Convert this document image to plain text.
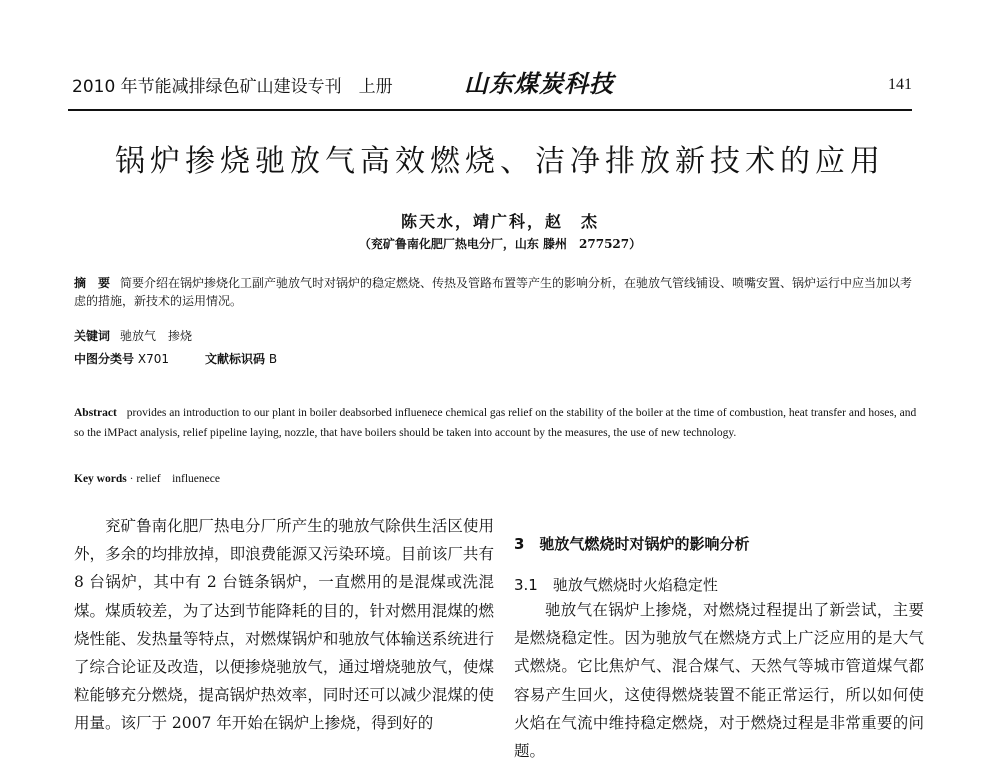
2010 年节能减排绿色矿山建设专刊　上册	山东煤炭科技	141
锅炉掺烧驰放气高效燃烧、洁净排放新技术的应用
陈天水，靖广科，赵　杰
（兖矿鲁南化肥厂热电分厂，山东 滕州　277527）
摘　要 简要介绍在锅炉掺烧化工副产驰放气时对锅炉的稳定燃烧、传热及管路布置等产生的影响分析，在驰放气管线铺设、喷嘴安置、锅炉运行中应当加以考虑的措施，新技术的运用情况。
关键词 驰放气　掺烧
中图分类号 X701	文献标识码 B
Abstract provides an introduction to our plant in boiler deabsorbed influenece chemical gas relief on the stability of the boiler at the time of combustion, heat transfer and hoses, and so the iMPact analysis, relief pipeline laying, nozzle, that have boilers should be taken into account by the measures, the use of new technology.
Key words · relief　influenece
兖矿鲁南化肥厂热电分厂所产生的驰放气除供生活区使用外，多余的均排放掉，即浪费能源又污染环境。目前该厂共有 8 台锅炉，其中有 2 台链条锅炉，一直燃用的是混煤或洗混煤。煤质较差，为了达到节能降耗的目的，针对燃用混煤的燃烧性能、发热量等特点，对燃煤锅炉和驰放气体输送系统进行了综合论证及改造，以便掺烧驰放气，通过增烧驰放气，使煤粒能够充分燃烧，提高锅炉热效率，同时还可以减少混煤的使用量。该厂于 2007 年开始在锅炉上掺烧，得到好的
3　驰放气燃烧时对锅炉的影响分析
3.1　驰放气燃烧时火焰稳定性
驰放气在锅炉上掺烧，对燃烧过程提出了新尝试，主要是燃烧稳定性。因为驰放气在燃烧方式上广泛应用的是大气式燃烧。它比焦炉气、混合煤气、天然气等城市管道煤气都容易产生回火，这使得燃烧装置不能正常运行，所以如何使火焰在气流中维持稳定燃烧，对于燃烧过程是非常重要的问题。
